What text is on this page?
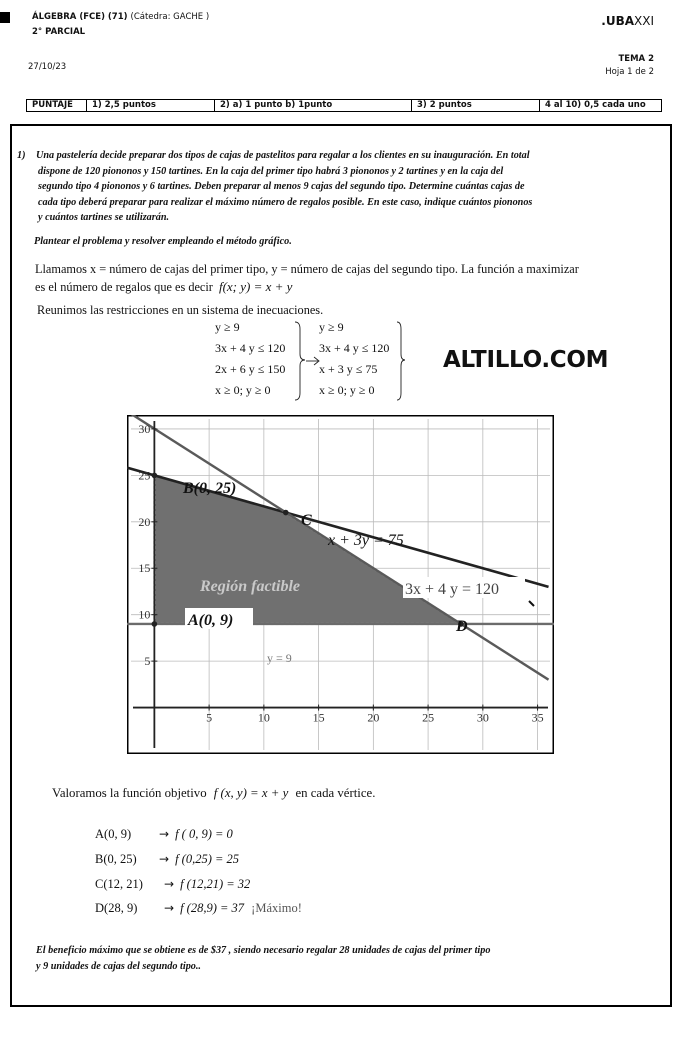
ÁLGEBRA (FCE) (71) (Cátedra: GACHE )
2° PARCIAL
.UBAXXI
27/10/23
TEMA 2
Hoja 1 de 2
PUNTAJE	1) 2,5 puntos	2) a) 1 punto b) 1punto	3) 2 puntos	4 al 10) 0,5 cada uno
1) Una pastelería decide preparar dos tipos de cajas de pastelitos para regalar a los clientes en su inauguración. En total
dispone de 120 piononos y 150 tartines. En la caja del primer tipo habrá 3 piononos y 2 tartines y en la caja del
segundo tipo 4 piononos y 6 tartines. Deben preparar al menos 9 cajas del segundo tipo. Determine cuántas cajas de
cada tipo deberá preparar para realizar el máximo número de regalos posible. En este caso, indique cuántos piononos
y cuántos tartines se utilizarán.
Plantear el problema y resolver empleando el método gráfico.
Llamamos x = número de cajas del primer tipo, y = número de cajas del segundo tipo. La función a maximizar
es el número de regalos que es decir f(x; y) = x + y
Reunimos las restricciones en un sistema de inecuaciones.
y ≥ 9
3x + 4 y ≤ 120
2x + 6 y ≤ 150
x ≥ 0; y ≥ 0
y ≥ 9
3x + 4 y ≤ 120
x + 3 y ≤ 75
x ≥ 0; y ≥ 0
ALTILLO.COM
5	10	15	20	25	30	35
5
10
15
20
25
30
B(0, 25)
C
D
A(0, 9)
Región factible
x + 3y = 75
3x + 4 y = 120
y = 9
Valoramos la función objetivo f (x, y) = x + y en cada vértice.
A(0, 9) → f ( 0, 9) = 0
B(0, 25) → f (0,25) = 25
C(12, 21) → f (12,21) = 32
D(28, 9) → f (28,9) = 37 ¡Máximo!
El beneficio máximo que se obtiene es de $37 , siendo necesario regalar 28 unidades de cajas del primer tipo
y 9 unidades de cajas del segundo tipo..
